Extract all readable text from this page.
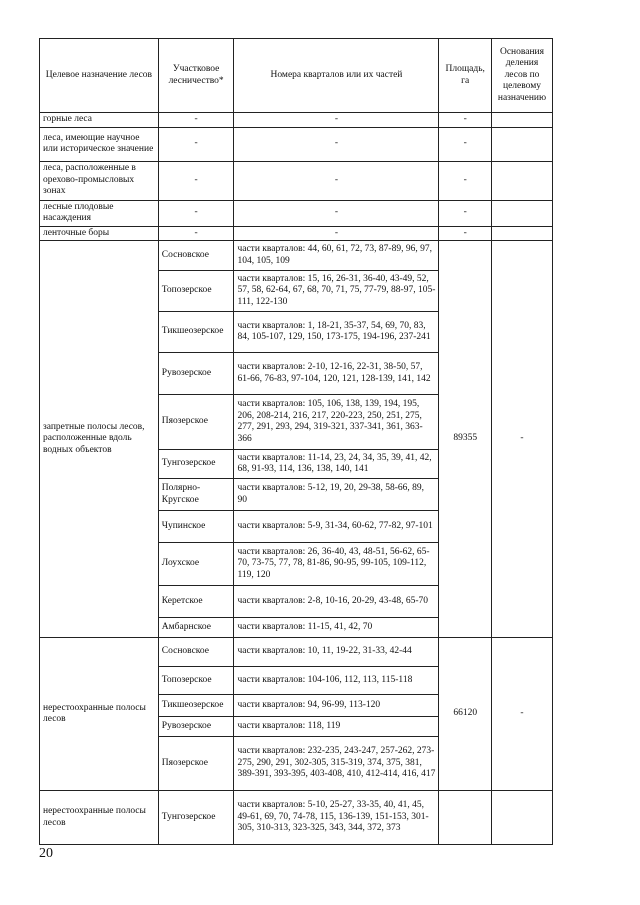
Целевое назначение лесов	Участковое лесничество*	Номера кварталов или их частей	Площадь, га	Основания деления лесов по целевому назначению
горные леса	-	-	-	
леса, имеющие научное или историческое значение	-	-	-	
леса, расположенные в орехово-промысловых зонах	-	-	-	
лесные плодовые насаждения	-	-	-	
ленточные боры	-	-	-	
запретные полосы лесов, расположенные вдоль водных объектов	Сосновское	части кварталов: 44, 60, 61, 72, 73, 87-89, 96, 97, 104, 105, 109	89355	-
	Топозерское	части кварталов: 15, 16, 26-31, 36-40, 43-49, 52, 57, 58, 62-64, 67, 68, 70, 71, 75, 77-79, 88-97, 105-111, 122-130		
	Тикшеозерское	части кварталов: 1, 18-21, 35-37, 54, 69, 70, 83, 84, 105-107, 129, 150, 173-175, 194-196, 237-241		
	Рувозерское	части кварталов: 2-10, 12-16, 22-31, 38-50, 57, 61-66, 76-83, 97-104, 120, 121, 128-139, 141, 142		
	Пяозерское	части кварталов: 105, 106, 138, 139, 194, 195, 206, 208-214, 216, 217, 220-223, 250, 251, 275, 277, 291, 293, 294, 319-321, 337-341, 361, 363-366		
	Тунгозерское	части кварталов: 11-14, 23, 24, 34, 35, 39, 41, 42, 68, 91-93, 114, 136, 138, 140, 141		
	Полярно-Кругское	части кварталов: 5-12, 19, 20, 29-38, 58-66, 89, 90		
	Чупинское	части кварталов: 5-9, 31-34, 60-62, 77-82, 97-101		
	Лоухское	части кварталов: 26, 36-40, 43, 48-51, 56-62, 65-70, 73-75, 77, 78, 81-86, 90-95, 99-105, 109-112, 119, 120		
	Керетское	части кварталов: 2-8, 10-16, 20-29, 43-48, 65-70		
	Амбарнское	части кварталов: 11-15, 41, 42, 70		
нерестоохранные полосы лесов	Сосновское	части кварталов: 10, 11, 19-22, 31-33, 42-44	66120	-
	Топозерское	части кварталов: 104-106, 112, 113, 115-118		
	Тикшеозерское	части кварталов: 94, 96-99, 113-120		
	Рувозерское	части кварталов: 118, 119		
	Пяозерское	части кварталов: 232-235, 243-247, 257-262, 273-275, 290, 291, 302-305, 315-319, 374, 375, 381, 389-391, 393-395, 403-408, 410, 412-414, 416, 417		
нерестоохранные полосы лесов	Тунгозерское	части кварталов: 5-10, 25-27, 33-35, 40, 41, 45, 49-61, 69, 70, 74-78, 115, 136-139, 151-153, 301-305, 310-313, 323-325, 343, 344, 372, 373		
20
